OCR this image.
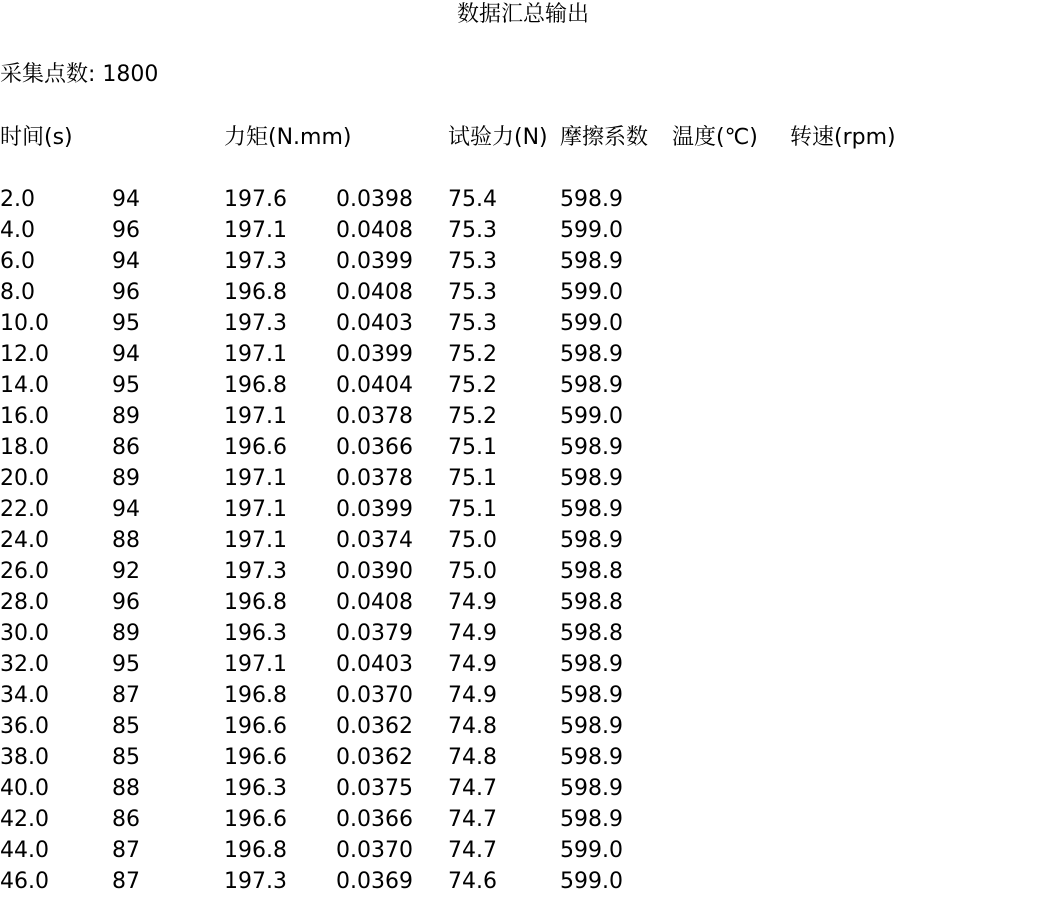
数据汇总输出
采集点数: 1800
时间(s)	力矩(N.mm)	试验力(N) 摩擦系数 温度(℃) 转速(rpm)
2.0	94	197.6 0.0398 75.4	598.9
4.0	96	197.1 0.0408 75.3	599.0
6.0	94	197.3 0.0399 75.3	598.9
8.0	96	196.8 0.0408 75.3	599.0
10.0	95	197.3 0.0403 75.3	599.0
12.0	94	197.1 0.0399 75.2	598.9
14.0	95	196.8 0.0404 75.2	598.9
16.0	89	197.1 0.0378 75.2	599.0
18.0	86	196.6 0.0366 75.1	598.9
20.0	89	197.1 0.0378 75.1	598.9
22.0	94	197.1 0.0399 75.1	598.9
24.0	88	197.1 0.0374 75.0	598.9
26.0	92	197.3 0.0390 75.0	598.8
28.0	96	196.8 0.0408 74.9	598.8
30.0	89	196.3 0.0379 74.9	598.8
32.0	95	197.1 0.0403 74.9	598.9
34.0	87	196.8 0.0370 74.9	598.9
36.0	85	196.6 0.0362 74.8	598.9
38.0	85	196.6 0.0362 74.8	598.9
40.0	88	196.3 0.0375 74.7	598.9
42.0	86	196.6 0.0366 74.7	598.9
44.0	87	196.8 0.0370 74.7	599.0
46.0	87	197.3 0.0369 74.6	599.0
